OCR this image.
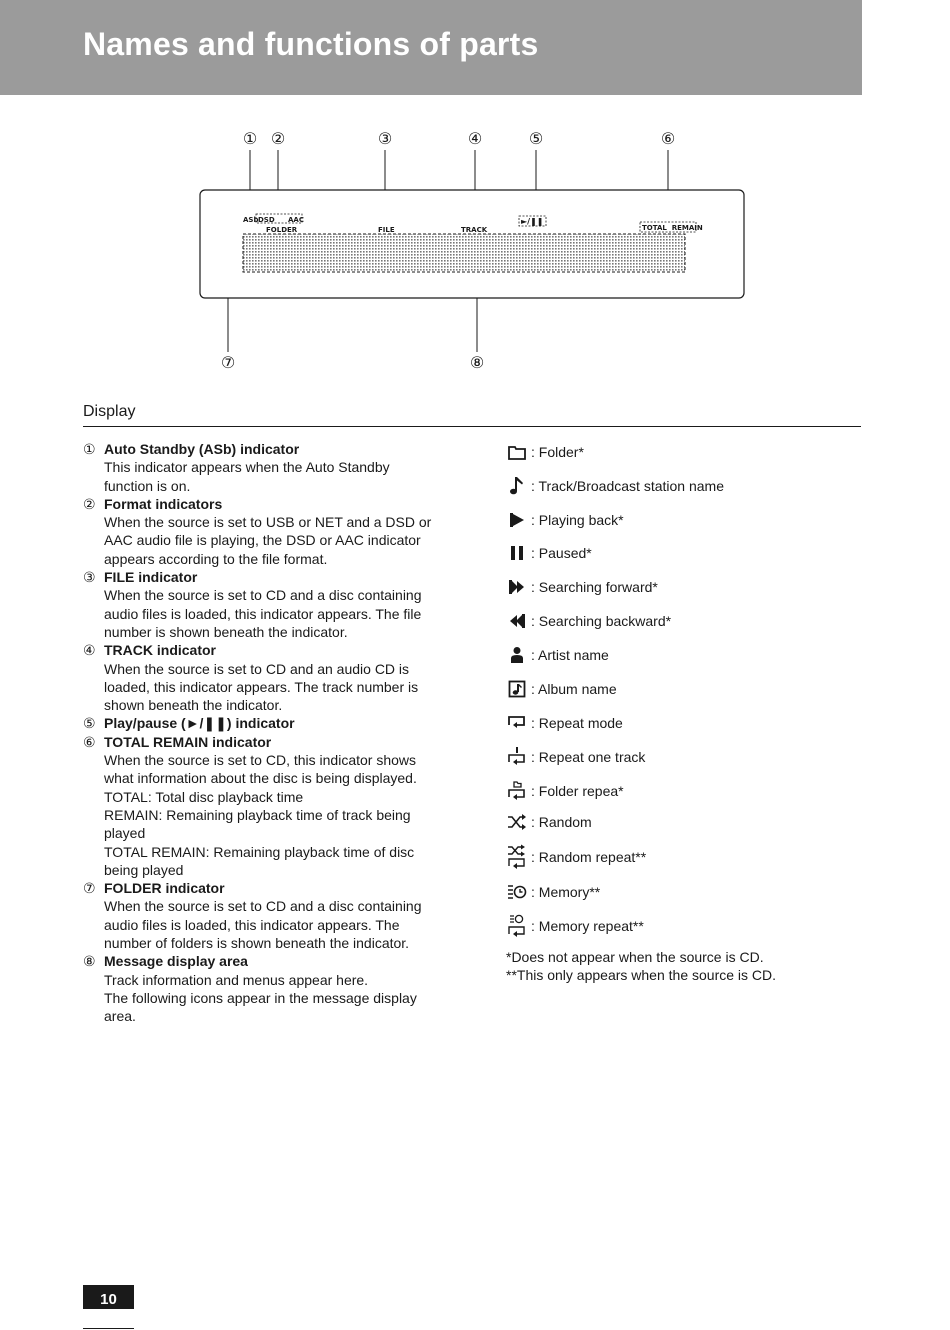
Names and functions of parts
① ②	③	④	⑤	⑥
⑦	⑧
ASb DSD AAC
FOLDER	FILE	TRACK
►/❚❚
TOTAL  REMAIN
Display
① Auto Standby (ASb) indicator
This indicator appears when the Auto Standby
function is on.
② Format indicators
When the source is set to USB or NET and a DSD or
AAC audio file is playing, the DSD or AAC indicator
appears according to the file format.
③ FILE indicator
When the source is set to CD and a disc containing
audio files is loaded, this indicator appears. The file
number is shown beneath the indicator.
④ TRACK indicator
When the source is set to CD and an audio CD is
loaded, this indicator appears. The track number is
shown beneath the indicator.
⑤ Play/pause (►/❚❚) indicator
⑥ TOTAL REMAIN indicator
When the source is set to CD, this indicator shows
what information about the disc is being displayed.
TOTAL: Total disc playback time
REMAIN: Remaining playback time of track being
played
TOTAL REMAIN: Remaining playback time of disc
being played
⑦ FOLDER indicator
When the source is set to CD and a disc containing
audio files is loaded, this indicator appears. The
number of folders is shown beneath the indicator.
⑧ Message display area
Track information and menus appear here.
The following icons appear in the message display
area.
: Folder*
: Track/Broadcast station name
: Playing back*
: Paused*
: Searching forward*
: Searching backward*
: Artist name
: Album name
: Repeat mode
: Repeat one track
: Folder repea*
: Random
: Random repeat**
: Memory**
: Memory repeat**
*Does not appear when the source is CD.
**This only appears when the source is CD.
10
